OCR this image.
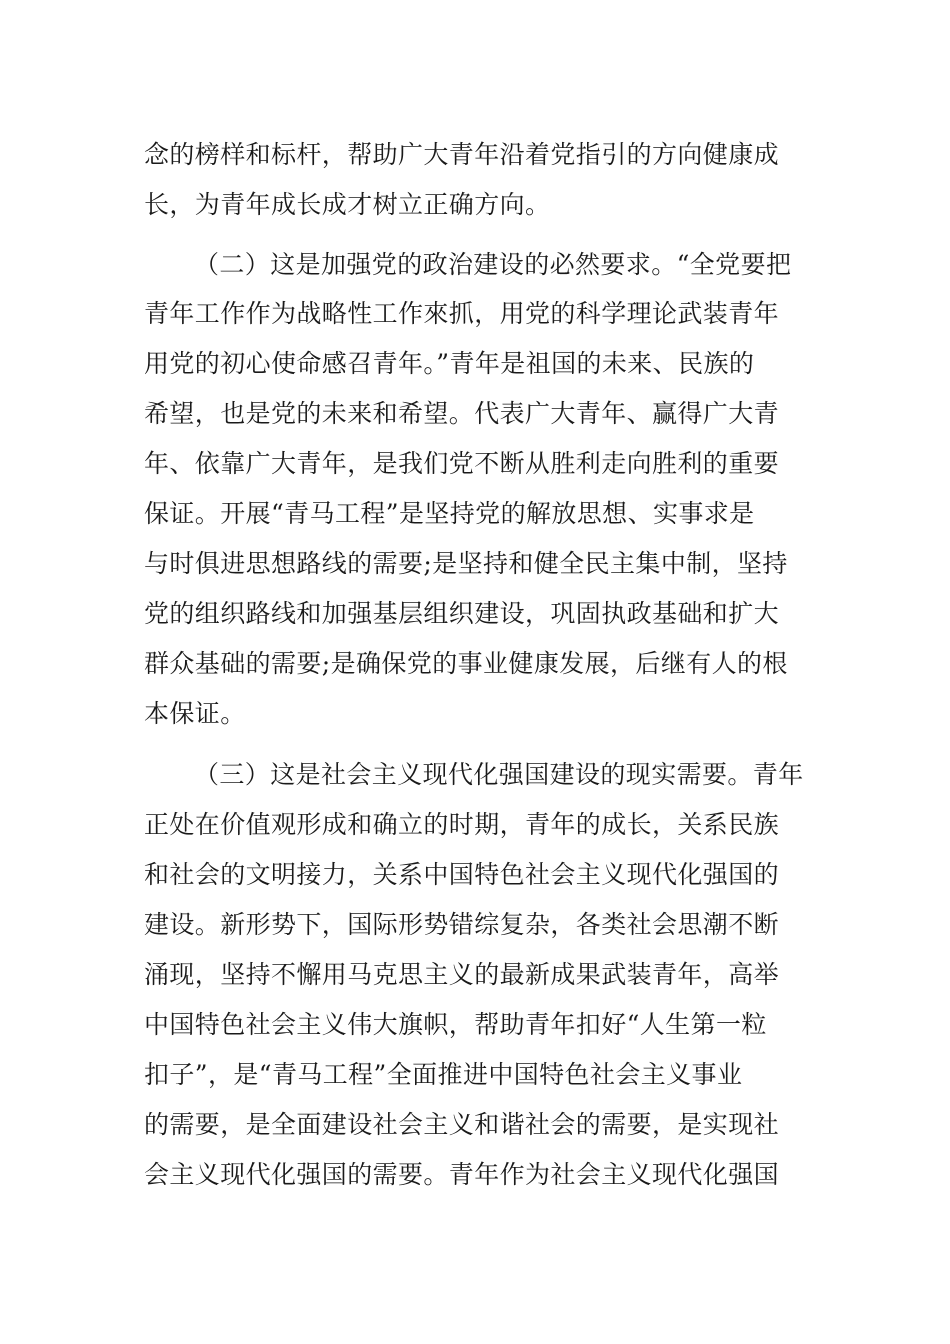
念的榜样和标杆，帮助广大青年沿着党指引的方向健康成
长，为青年成长成才树立正确方向。
（二）这是加强党的政治建设的必然要求。“全党要把
青年工作作为战略性工作來抓，用党的科学理论武装青年
用党的初心使命感召青年。”青年是祖国的未来、民族的
希望，也是党的未来和希望。代表广大青年、赢得广大青
年、依靠广大青年，是我们党不断从胜利走向胜利的重要
保证。开展“青马工程”是坚持党的解放思想、实事求是
与时俱进思想路线的需要;是坚持和健全民主集中制，坚持
党的组织路线和加强基层组织建设，巩固执政基础和扩大
群众基础的需要;是确保党的事业健康发展，后继有人的根
本保证。
（三）这是社会主义现代化强国建设的现实需要。青年
正处在价值观形成和确立的时期，青年的成长，关系民族
和社会的文明接力，关系中国特色社会主义现代化强国的
建设。新形势下，国际形势错综复杂，各类社会思潮不断
涌现，坚持不懈用马克思主义的最新成果武装青年，高举
中国特色社会主义伟大旗帜，帮助青年扣好“人生第一粒
扣子”，是“青马工程”全面推进中国特色社会主义事业
的需要，是全面建设社会主义和谐社会的需要，是实现社
会主义现代化强国的需要。青年作为社会主义现代化强国
